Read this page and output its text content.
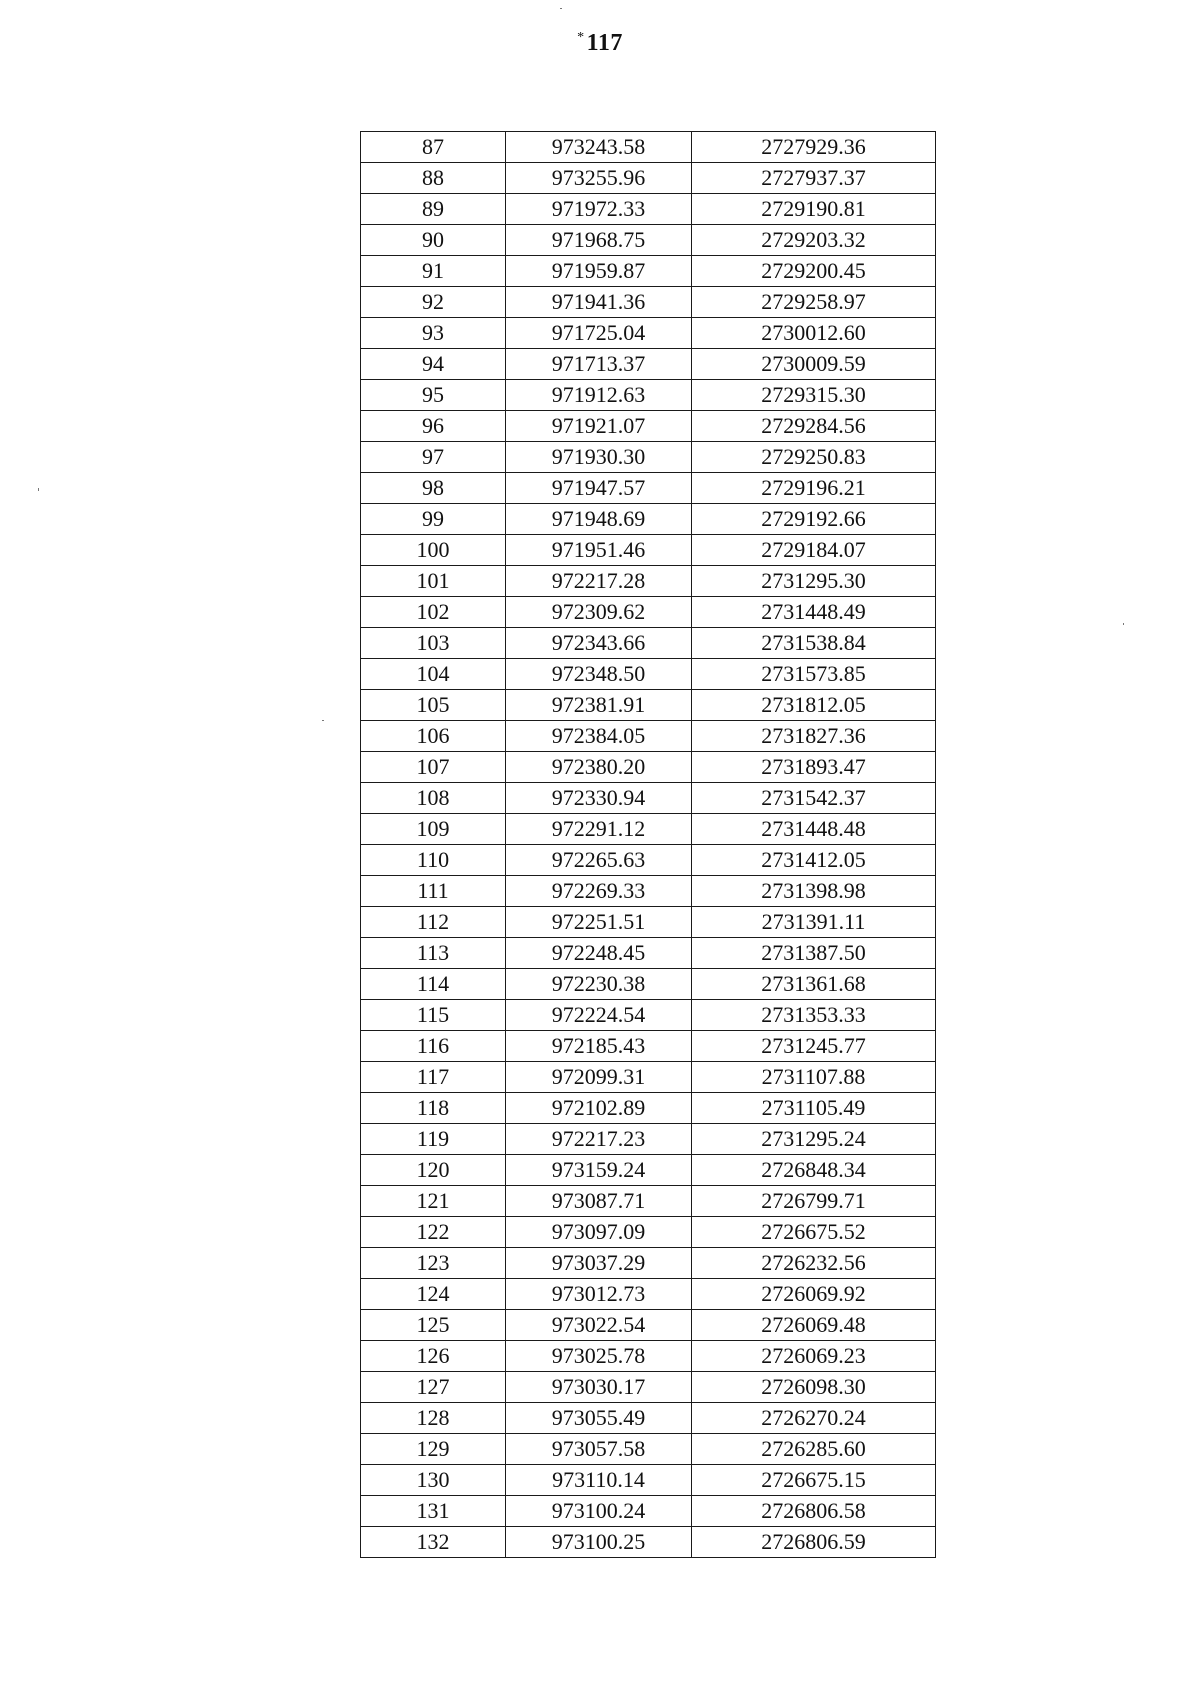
*117
87	973243.58	2727929.36
88	973255.96	2727937.37
89	971972.33	2729190.81
90	971968.75	2729203.32
91	971959.87	2729200.45
92	971941.36	2729258.97
93	971725.04	2730012.60
94	971713.37	2730009.59
95	971912.63	2729315.30
96	971921.07	2729284.56
97	971930.30	2729250.83
98	971947.57	2729196.21
99	971948.69	2729192.66
100	971951.46	2729184.07
101	972217.28	2731295.30
102	972309.62	2731448.49
103	972343.66	2731538.84
104	972348.50	2731573.85
105	972381.91	2731812.05
106	972384.05	2731827.36
107	972380.20	2731893.47
108	972330.94	2731542.37
109	972291.12	2731448.48
110	972265.63	2731412.05
111	972269.33	2731398.98
112	972251.51	2731391.11
113	972248.45	2731387.50
114	972230.38	2731361.68
115	972224.54	2731353.33
116	972185.43	2731245.77
117	972099.31	2731107.88
118	972102.89	2731105.49
119	972217.23	2731295.24
120	973159.24	2726848.34
121	973087.71	2726799.71
122	973097.09	2726675.52
123	973037.29	2726232.56
124	973012.73	2726069.92
125	973022.54	2726069.48
126	973025.78	2726069.23
127	973030.17	2726098.30
128	973055.49	2726270.24
129	973057.58	2726285.60
130	973110.14	2726675.15
131	973100.24	2726806.58
132	973100.25	2726806.59
